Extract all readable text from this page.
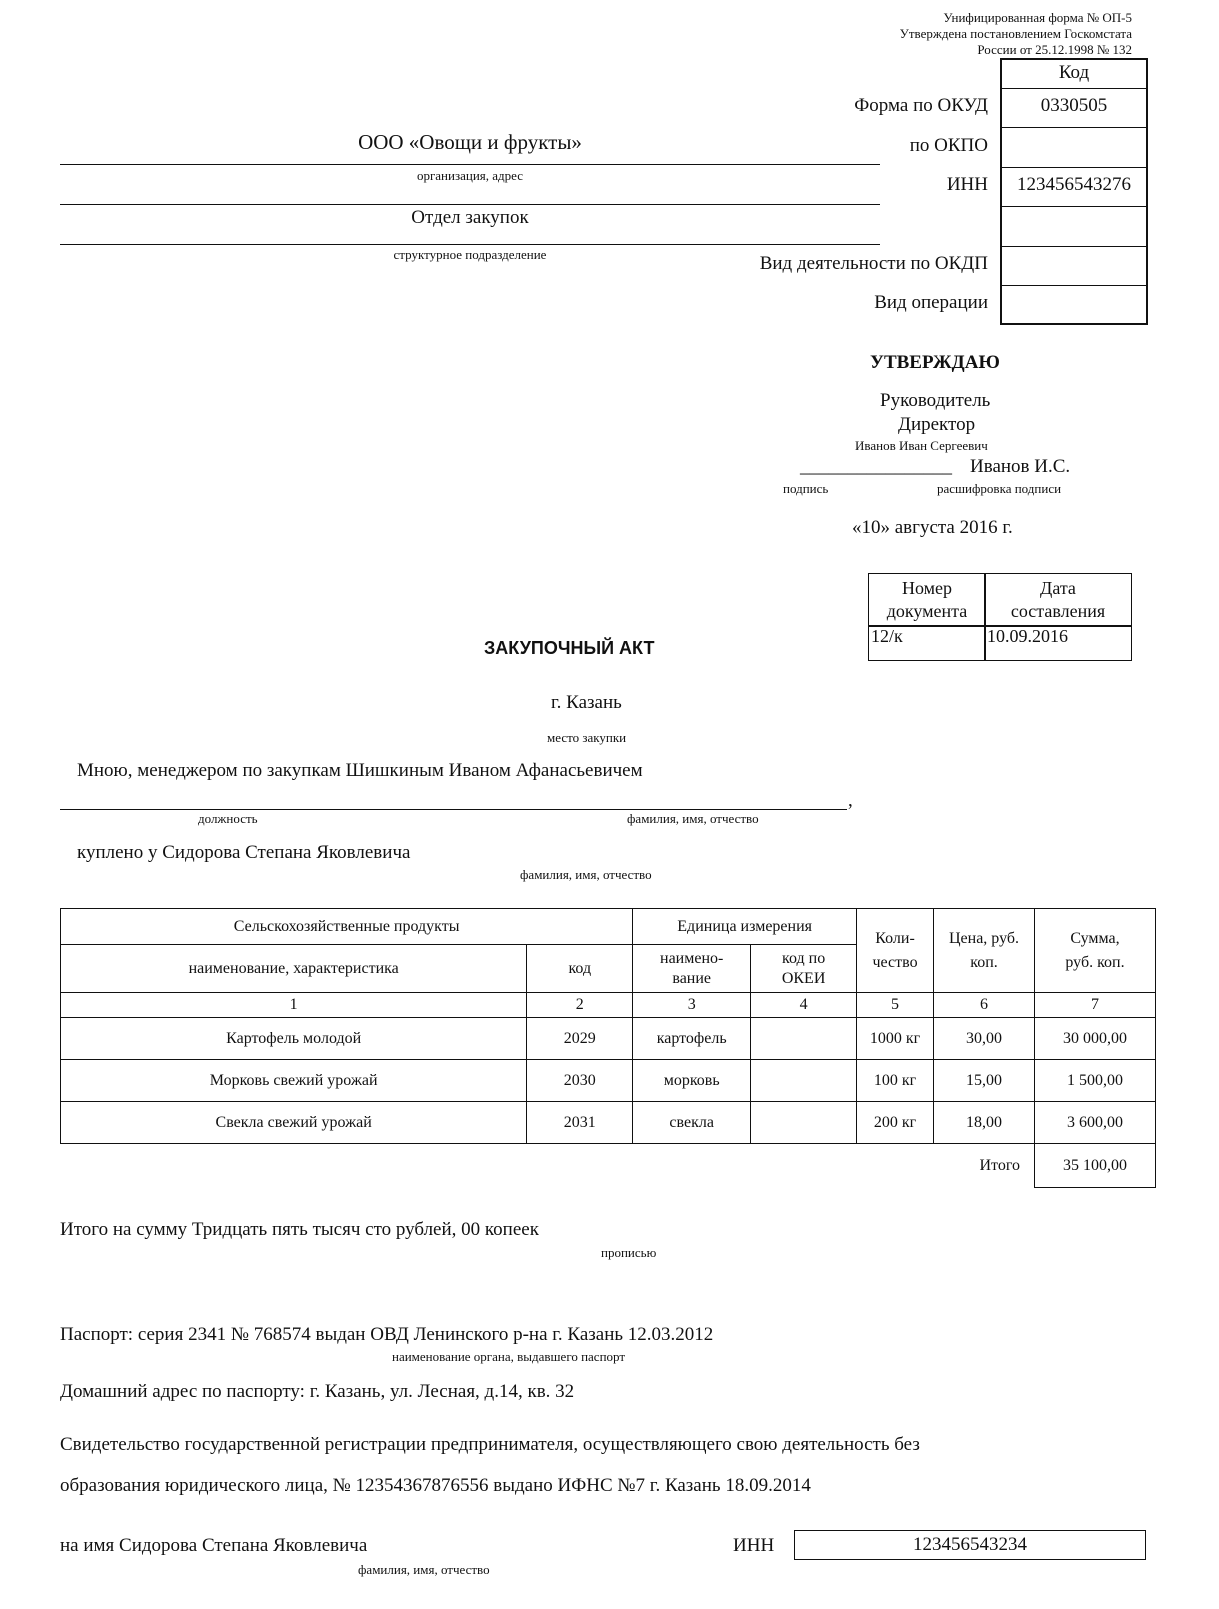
Унифицированная форма № ОП-5
Утверждена постановлением Госкомстата
России от 25.12.1998 № 132
Код
Форма по ОКУД	0330505
по ОКПО
ИНН	123456543276
Вид деятельности по ОКДП
Вид операции
ООО «Овощи и фрукты»
организация, адрес
Отдел закупок
структурное подразделение
УТВЕРЖДАЮ
Руководитель
Директор
Иванов Иван Сергеевич
________________ Иванов И.С.
подпись	расшифровка подписи
«10» августа 2016 г.
Номер документа
Дата составления
12/к	10.09.2016
ЗАКУПОЧНЫЙ АКТ
г. Казань
место закупки
Мною, менеджером по закупкам Шишкиным Иваном Афанасьевичем
,
должность	фамилия, имя, отчество
куплено у Сидорова Степана Яковлевича
фамилия, имя, отчество
Сельскохозяйственные продукты		Единица измерения		Коли-чество	Цена, руб. коп.	Сумма, руб. коп.

наименование, характеристика	код	наимено-вание	код по ОКЕИ			

1	2	3	4	5	6	7
Картофель молодой	2029	картофель		1000 кг	30,00	30 000,00
Морковь свежий урожай	2030	морковь		100 кг	15,00	1 500,00
Свекла свежий урожай	2031	свекла		200 кг	18,00	3 600,00
Итого						35 100,00
Итого на сумму Тридцать пять тысяч сто рублей, 00 копеек
прописью
Паспорт: серия 2341 № 768574 выдан ОВД Ленинского р-на г. Казань 12.03.2012
наименование органа, выдавшего паспорт
Домашний адрес по паспорту: г. Казань, ул. Лесная, д.14, кв. 32
Свидетельство государственной регистрации предпринимателя, осуществляющего свою деятельность без
образования юридического лица, № 12354367876556 выдано ИФНС №7 г. Казань 18.09.2014
на имя Сидорова Степана Яковлевича
фамилия, имя, отчество
ИНН	123456543234
